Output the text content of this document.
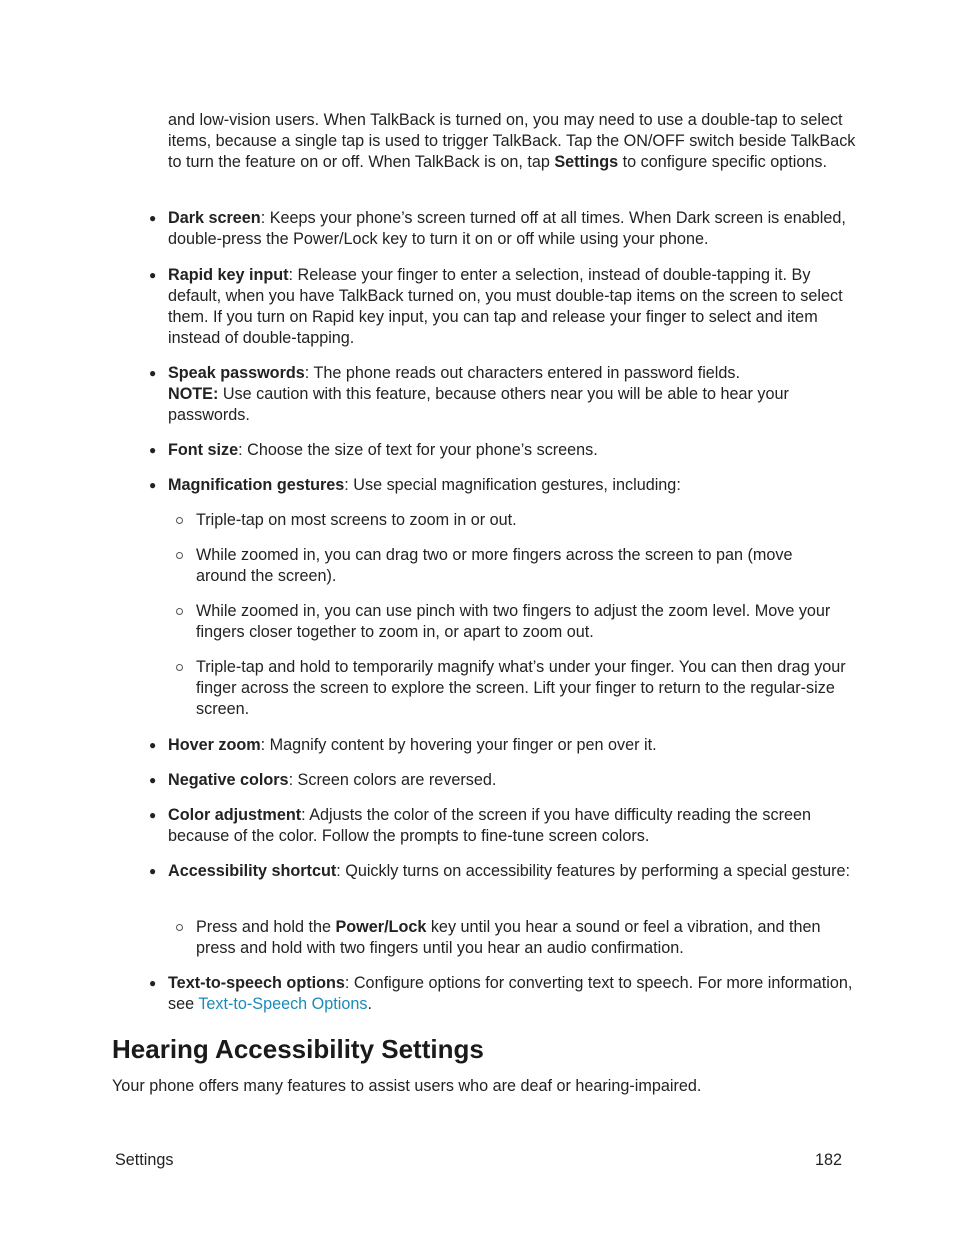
and low-vision users. When TalkBack is turned on, you may need to use a double-tap to select items, because a single tap is used to trigger TalkBack. Tap the ON/OFF switch beside TalkBack to turn the feature on or off. When TalkBack is on, tap Settings to configure specific options.

● Dark screen: Keeps your phone’s screen turned off at all times. When Dark screen is enabled, double-press the Power/Lock key to turn it on or off while using your phone.

● Rapid key input: Release your finger to enter a selection, instead of double-tapping it. By default, when you have TalkBack turned on, you must double-tap items on the screen to select them. If you turn on Rapid key input, you can tap and release your finger to select and item instead of double-tapping.

● Speak passwords: The phone reads out characters entered in password fields.
NOTE: Use caution with this feature, because others near you will be able to hear your passwords.

● Font size: Choose the size of text for your phone’s screens.

● Magnification gestures: Use special magnification gestures, including:

Triple-tap on most screens to zoom in or out.

While zoomed in, you can drag two or more fingers across the screen to pan (move around the screen).

While zoomed in, you can use pinch with two fingers to adjust the zoom level. Move your fingers closer together to zoom in, or apart to zoom out.

Triple-tap and hold to temporarily magnify what’s under your finger. You can then drag your finger across the screen to explore the screen. Lift your finger to return to the regular-size screen.

● Hover zoom: Magnify content by hovering your finger or pen over it.

● Negative colors: Screen colors are reversed.

● Color adjustment: Adjusts the color of the screen if you have difficulty reading the screen because of the color. Follow the prompts to fine-tune screen colors.

● Accessibility shortcut: Quickly turns on accessibility features by performing a special gesture:

Press and hold the Power/Lock key until you hear a sound or feel a vibration, and then press and hold with two fingers until you hear an audio confirmation.

● Text-to-speech options: Configure options for converting text to speech. For more information, see Text-to-Speech Options.

Hearing Accessibility Settings

Your phone offers many features to assist users who are deaf or hearing-impaired.

Settings	182
